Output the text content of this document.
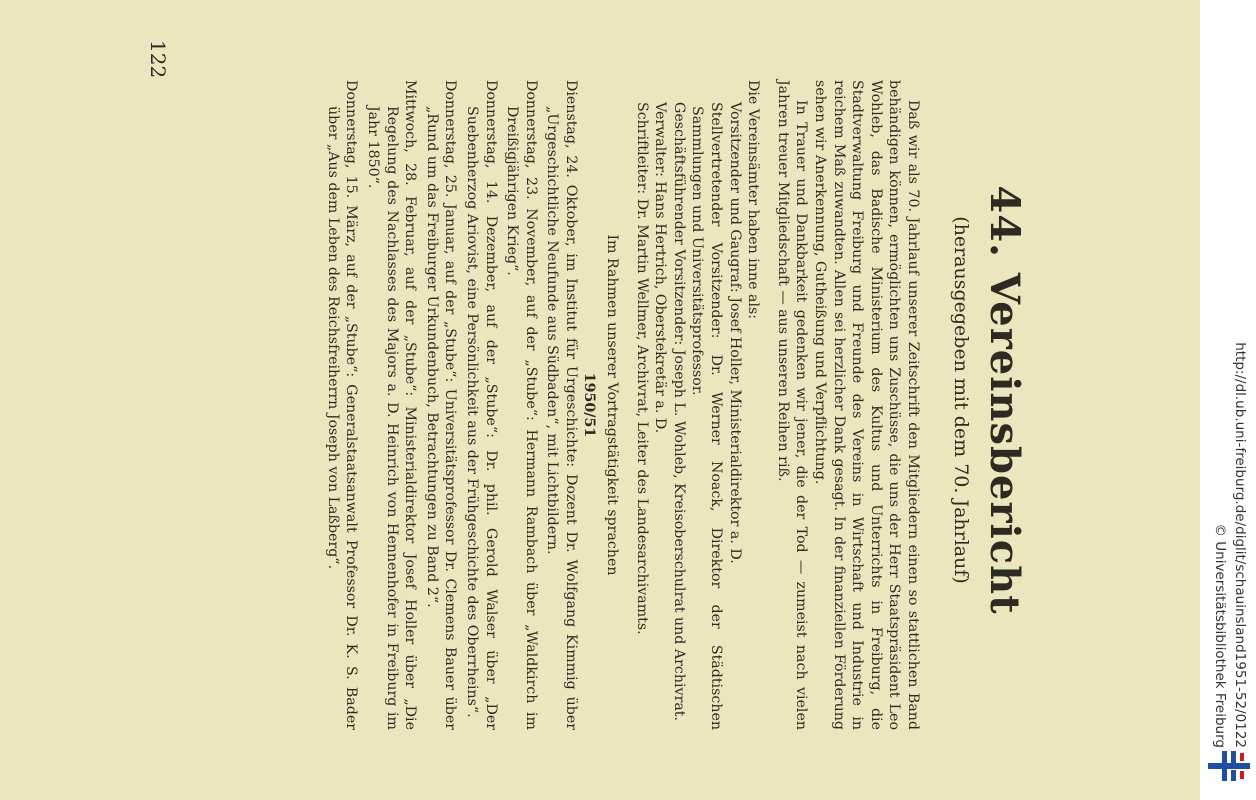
122
44. Vereinsbericht
(herausgegeben mit dem 70. Jahrlauf)

Daß wir als 70. Jahrlauf unserer Zeitschrift den Mitgliedern einen so stattlichen Band behändigen können, ermöglichten uns Zuschüsse, die uns der Herr Staatspräsident Leo Wohleb, das Badische Ministerium des Kultus und Unterrichts in Freiburg, die Stadtverwaltung Freiburg und Freunde des Vereins in Wirtschaft und Industrie in reichem Maß zuwandten. Allen sei herzlicher Dank gesagt. In der finanziellen Förderung sehen wir Anerkennung, Gutheißung und Verpflichtung.

In Trauer und Dankbarkeit gedenken wir jener, die der Tod — zumeist nach vielen Jahren treuer Mitgliedschaft — aus unseren Reihen riß.

Die Vereinsämter haben inne als:

Vorsitzender und Gaugraf: Josef Holler, Ministerialdirektor a. D.

Stellvertretender Vorsitzender: Dr. Werner Noack, Direktor der Städtischen Sammlungen und Universitätsprofessor.

Geschäftsführender Vorsitzender: Joseph L. Wohleb, Kreisoberschulrat und Archivrat.

Verwalter: Hans Hertrich, Oberstekretär a. D.

Schriftleiter: Dr. Martin Wellmer, Archivrat, Leiter des Landesarchivamts.

Im Rahmen unserer Vortragstätigkeit sprachen

1950/51

Dienstag, 24. Oktober, im Institut für Urgeschichte: Dozent Dr. Wolfgang Kimmig über „Urgeschichtliche Neufunde aus Südbaden“, mit Lichtbildern.

Donnerstag, 23. November, auf der „Stube“: Hermann Rambach über „Waldkirch im Dreißigjährigen Krieg“.

Donnerstag, 14. Dezember, auf der „Stube“: Dr. phil. Gerold Walser über „Der Suebenherzog Ariovist, eine Persönlichkeit aus der Frühgeschichte des Oberrheins“.

Donnerstag, 25. Januar, auf der „Stube“: Universitätsprofessor Dr. Clemens Bauer über „Rund um das Freiburger Urkundenbuch, Betrachtungen zu Band 2“.

Mittwoch, 28. Februar, auf der „Stube“: Ministerialdirektor Josef Holler über „Die Regelung des Nachlasses des Majors a. D. Heinrich von Hennenhofer in Freiburg im Jahr 1850“.

Donnerstag, 15. März, auf der „Stube“: Generalstaatsanwalt Professor Dr. K. S. Bader über „Aus dem Leben des Reichsfreiherrn Joseph von Laßberg“.	http://dl.ub.uni-freiburg.de/diglit/schauinsland1951-52/0122
© Universitätsbibliothek Freiburg
